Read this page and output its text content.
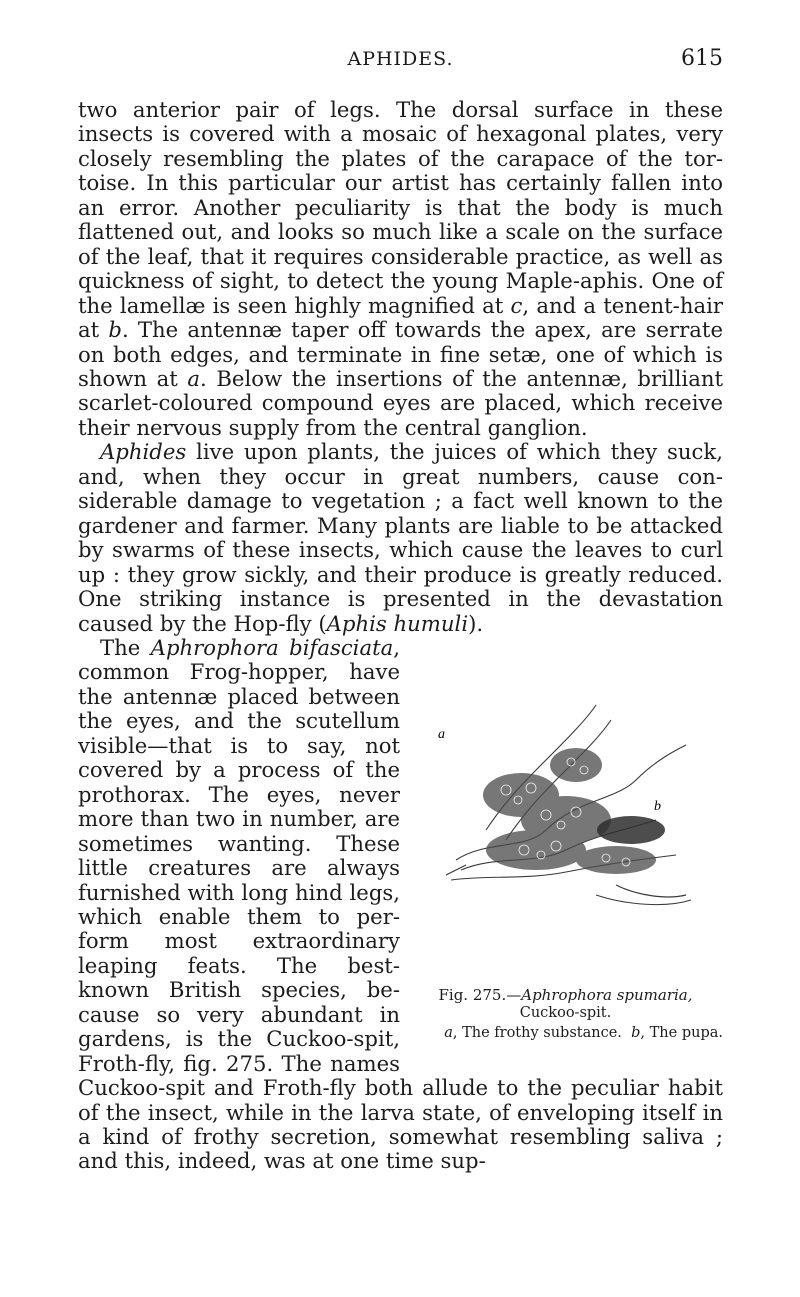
APHIDES.	615

two anterior pair of legs. The dorsal surface in these insects is covered with a mosaic of hexagonal plates, very closely resembling the plates of the carapace of the tor-toise. In this particular our artist has certainly fallen into an error. Another peculiarity is that the body is much flattened out, and looks so much like a scale on the surface of the leaf, that it requires considerable practice, as well as quickness of sight, to detect the young Maple-aphis. One of the lamellæ is seen highly magnified at c, and a tenent-hair at b. The antennæ taper off towards the apex, are serrate on both edges, and terminate in fine setæ, one of which is shown at a. Below the insertions of the antennæ, brilliant scarlet-coloured compound eyes are placed, which receive their nervous supply from the central ganglion.

Aphides live upon plants, the juices of which they suck, and, when they occur in great numbers, cause con-siderable damage to vegetation ; a fact well known to the gardener and farmer. Many plants are liable to be attacked by swarms of these insects, which cause the leaves to curl up : they grow sickly, and their produce is greatly reduced. One striking instance is presented in the devastation caused by the Hop-fly (Aphis humuli).

a
b
Fig. 275.—Aphrophora spumaria,
Cuckoo-spit.
a, The frothy substance. b, The pupa.

The Aphrophora bifasciata, common Frog-hopper, have the antennæ placed between the eyes, and the scutellum visible—that is to say, not covered by a process of the prothorax. The eyes, never more than two in number, are sometimes wanting. These little creatures are always furnished with long hind legs, which enable them to per-form most extraordinary leaping feats. The best-known British species, be-cause so very abundant in gardens, is the Cuckoo-spit, Froth-fly, fig. 275. The names Cuckoo-spit and Froth-fly both allude to the peculiar habit of the insect, while in the larva state, of enveloping itself in a kind of frothy secretion, somewhat resembling saliva ; and this, indeed, was at one time sup-
